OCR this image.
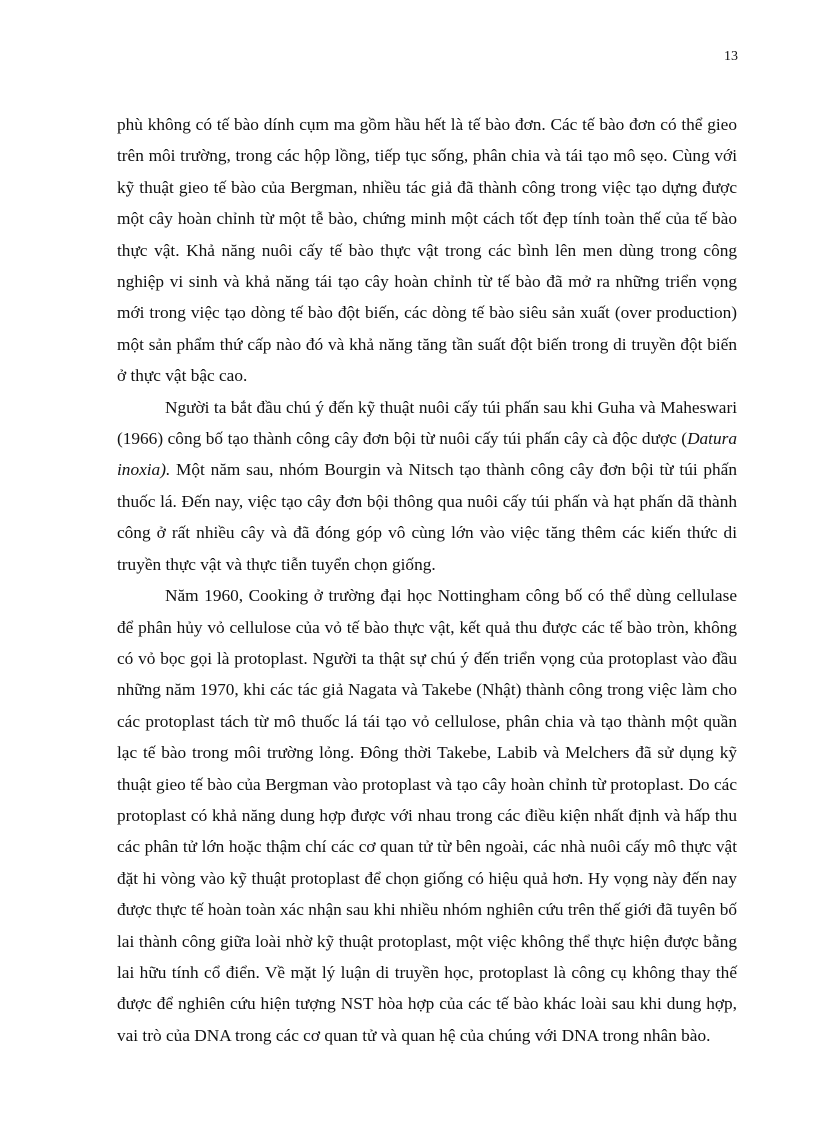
13

phù không có tế bào dính cụm ma gồm hầu hết là tế bào đơn. Các tế bào đơn có thể gieo trên môi trường, trong các hộp lồng, tiếp tục sống, phân chia và tái tạo mô sẹo. Cùng với kỹ thuật gieo tế bào của Bergman, nhiều tác giả đã thành công trong việc tạo dựng được một cây hoàn chỉnh từ một tễ bào, chứng minh một cách tốt đẹp tính toàn thế của tế bào thực vật. Khả năng nuôi cấy tế bào thực vật trong các bình lên men dùng trong công nghiệp vi sinh và khả năng tái tạo cây hoàn chỉnh từ tế bào đã mở ra những triển vọng mới trong việc tạo dòng tế bào đột biến, các dòng tế bào siêu sản xuất (over production) một sản phẩm thứ cấp nào đó và khả năng tăng tần suất đột biến trong di truyền đột biến ở thực vật bậc cao.

Người ta bắt đầu chú ý đến kỹ thuật nuôi cấy túi phấn sau khi Guha và Maheswari (1966) công bố tạo thành công cây đơn bội từ nuôi cấy túi phấn cây cà độc dược (Datura inoxia). Một năm sau, nhóm Bourgin và Nitsch tạo thành công cây đơn bội từ túi phấn thuốc lá. Đến nay, việc tạo cây đơn bội thông qua nuôi cấy túi phấn và hạt phấn dã thành công ở rất nhiều cây và đã đóng góp vô cùng lớn vào việc tăng thêm các kiến thức di truyền thực vật và thực tiễn tuyển chọn giống.

Năm 1960, Cooking ở trường đại học Nottingham công bố có thể dùng cellulase để phân hủy vỏ cellulose của vỏ tế bào thực vật, kết quả thu được các tế bào tròn, không có vỏ bọc gọi là protoplast. Người ta thật sự chú ý đến triển vọng của protoplast vào đầu những năm 1970, khi các tác giả Nagata và Takebe (Nhật) thành công trong việc làm cho các protoplast tách từ mô thuốc lá tái tạo vỏ cellulose, phân chia và tạo thành một quần lạc tế bào trong môi trường lỏng. Đông thời Takebe, Labib và Melchers đã sử dụng kỹ thuật gieo tế bào của Bergman vào protoplast và tạo cây hoàn chỉnh từ protoplast. Do các protoplast có khả năng dung hợp được với nhau trong các điều kiện nhất định và hấp thu các phân tử lớn hoặc thậm chí các cơ quan tử từ bên ngoài, các nhà nuôi cấy mô thực vật đặt hi vòng vào kỹ thuật protoplast để chọn giống có hiệu quả hơn. Hy vọng này đến nay được thực tế hoàn toàn xác nhận sau khi nhiều nhóm nghiên cứu trên thế giới đã tuyên bố lai thành công giữa loài nhờ kỹ thuật protoplast, một việc không thể thực hiện được bằng lai hữu tính cổ điển. Về mặt lý luận di truyền học, protoplast là công cụ không thay thế được để nghiên cứu hiện tượng NST hòa hợp của các tế bào khác loài sau khi dung hợp, vai trò của DNA trong các cơ quan tử và quan hệ của chúng với DNA trong nhân bào.
